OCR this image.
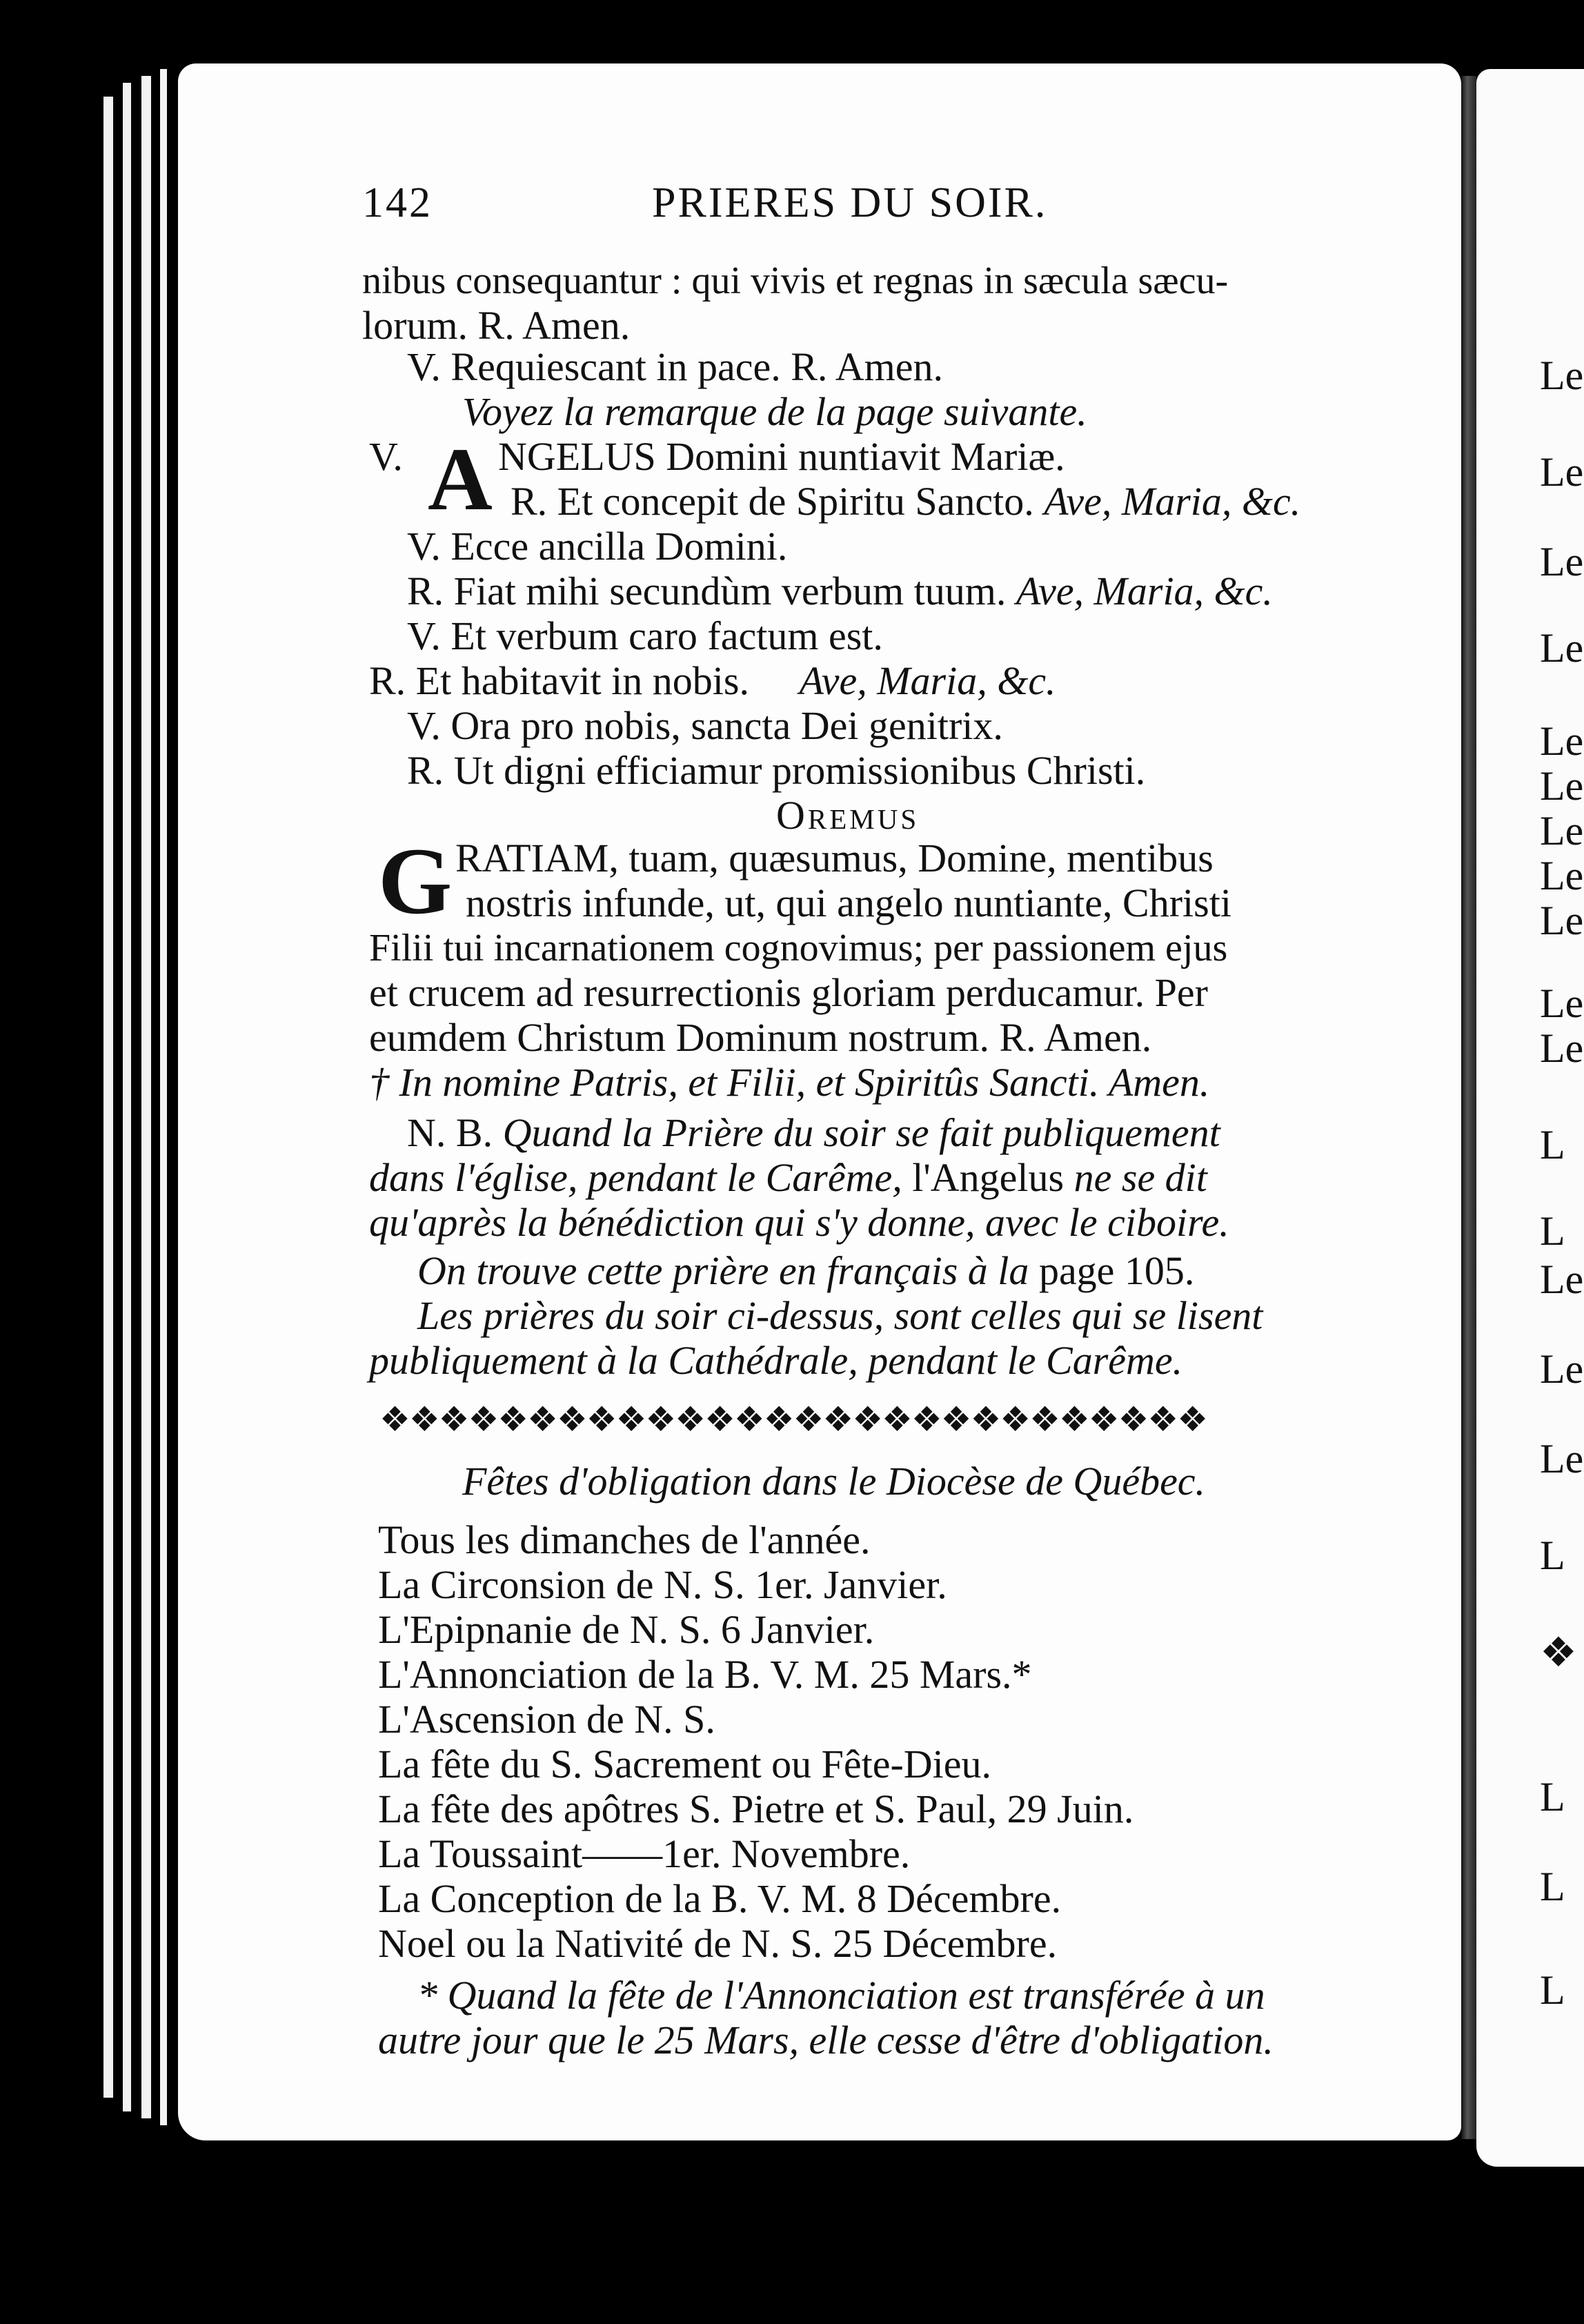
Le
Le
Le
Le
Le
Le
Le
Le
Le
Le
Le
L
L
Le
Le
Le
L
❖
L
L
L
142	PRIERES DU SOIR.
nibus consequantur : qui vivis et regnas in sæcula sæcu-
lorum. R. Amen.
V. Requiescant in pace. R. Amen.
Voyez la remarque de la page suivante.
V. A NGELUS Domini nuntiavit Mariæ.
R. Et concepit de Spiritu Sancto. Ave, Maria, &c.
V. Ecce ancilla Domini.
R. Fiat mihi secundùm verbum tuum. Ave, Maria, &c.
V. Et verbum caro factum est.
R. Et habitavit in nobis. Ave, Maria, &c.
V. Ora pro nobis, sancta Dei genitrix.
R. Ut digni efficiamur promissionibus Christi.
Oremus
G RATIAM, tuam, quæsumus, Domine, mentibus
nostris infunde, ut, qui angelo nuntiante, Christi
Filii tui incarnationem cognovimus; per passionem ejus
et crucem ad resurrectionis gloriam perducamur. Per
eumdem Christum Dominum nostrum. R. Amen.
† In nomine Patris, et Filii, et Spiritûs Sancti. Amen.
N. B. Quand la Prière du soir se fait publiquement
dans l'église, pendant le Carême, l'Angelus ne se dit
qu'après la bénédiction qui s'y donne, avec le ciboire.
On trouve cette prière en français à la page 105.
Les prières du soir ci-dessus, sont celles qui se lisent
publiquement à la Cathédrale, pendant le Carême.
❖❖❖❖❖❖❖❖❖❖❖❖❖❖❖❖❖❖❖❖❖❖❖❖❖❖❖❖
Fêtes d'obligation dans le Diocèse de Québec.
Tous les dimanches de l'année.
La Circonsion de N. S. 1er. Janvier.
L'Epipnanie de N. S. 6 Janvier.
L'Annonciation de la B. V. M. 25 Mars.*
L'Ascension de N. S.
La fête du S. Sacrement ou Fête-Dieu.
La fête des apôtres S. Pietre et S. Paul, 29 Juin.
La Toussaint——1er. Novembre.
La Conception de la B. V. M. 8 Décembre.
Noel ou la Nativité de N. S. 25 Décembre.
* Quand la fête de l'Annonciation est transférée à un
autre jour que le 25 Mars, elle cesse d'être d'obligation.
